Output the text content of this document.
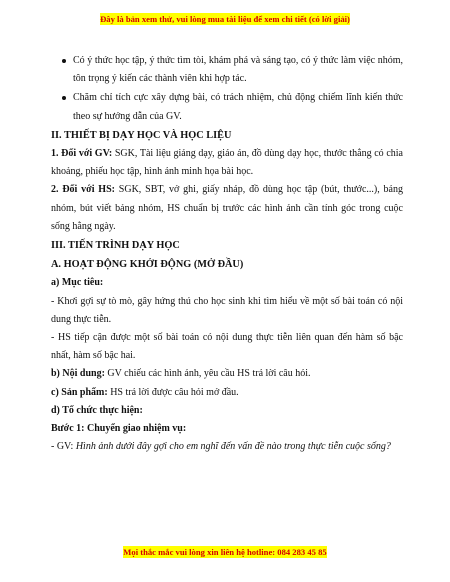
Đây là bản xem thử, vui lòng mua tài liệu để xem chi tiết (có lời giải)

Có ý thức học tập, ý thức tìm tòi, khám phá và sáng tạo, có ý thức làm việc nhóm, tôn trọng ý kiến các thành viên khi hợp tác.

Chăm chỉ tích cực xây dựng bài, có trách nhiệm, chủ động chiếm lĩnh kiến thức theo sự hướng dẫn của GV.

II. THIẾT BỊ DẠY HỌC VÀ HỌC LIỆU

1. Đối với GV: SGK, Tài liệu giảng dạy, giáo án, đồ dùng dạy học, thước thẳng có chia khoảng, phiếu học tập, hình ảnh minh họa bài học.

2. Đối với HS: SGK, SBT, vở ghi, giấy nháp, đồ dùng học tập (bút, thước...), bảng nhóm, bút viết bảng nhóm, HS chuẩn bị trước các hình ảnh cần tính góc trong cuộc sống hằng ngày.

III. TIẾN TRÌNH DẠY HỌC

A. HOẠT ĐỘNG KHỞI ĐỘNG (MỞ ĐẦU)

a) Mục tiêu:

- Khơi gợi sự tò mò, gây hứng thú cho học sinh khi tìm hiểu về một số bài toán có nội dung thực tiễn.

- HS tiếp cận được một số bài toán có nội dung thực tiễn liên quan đến hàm số bậc nhất, hàm số bậc hai.

b) Nội dung: GV chiếu các hình ảnh, yêu cầu HS trả lời câu hỏi.

c) Sản phẩm: HS trả lời được câu hỏi mở đầu.

d) Tổ chức thực hiện:

Bước 1: Chuyển giao nhiệm vụ:

- GV: Hình ảnh dưới đây gợi cho em nghĩ đến vấn đề nào trong thực tiễn cuộc sống?

Mọi thắc mắc vui lòng xin liên hệ hotline: 084 283 45 85
